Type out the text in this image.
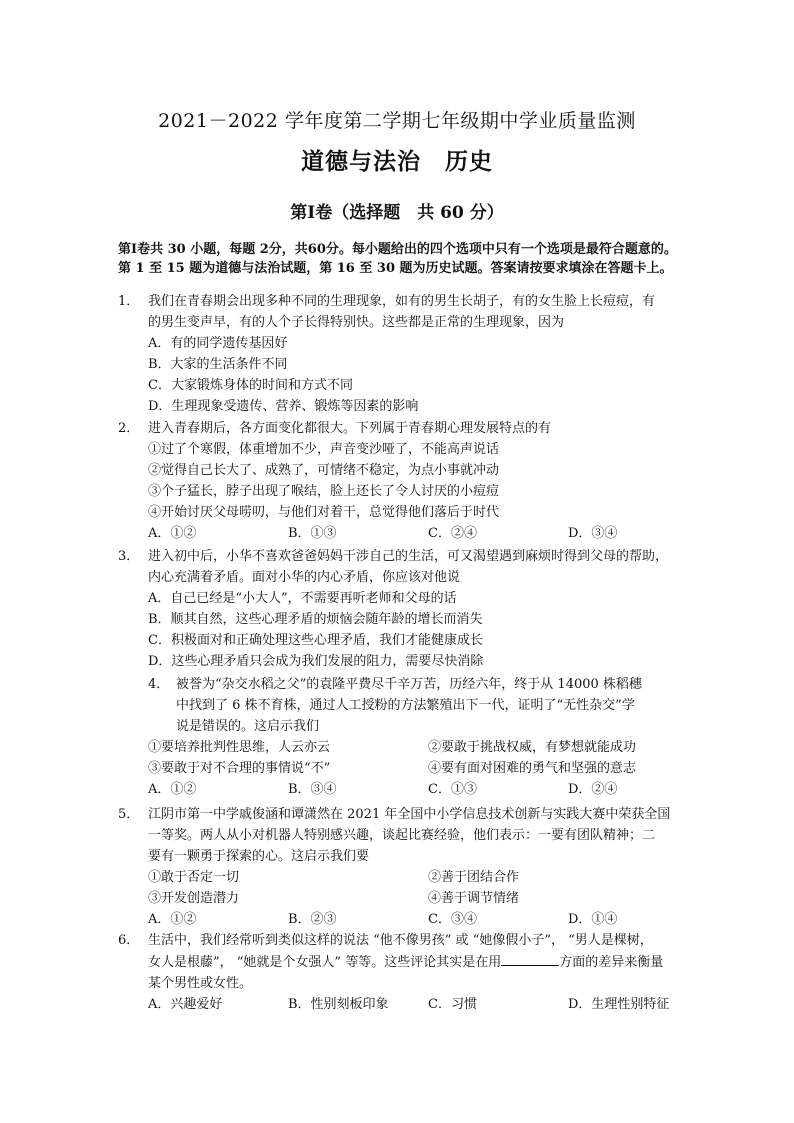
2021－2022 学年度第二学期七年级期中学业质量监测
道德与法治　历史
第Ⅰ卷（选择题　共 60 分）
第Ⅰ卷共 30 小题，每题 2分，共60分。每小题给出的四个选项中只有一个选项是最符合题意的。
第 1 至 15 题为道德与法治试题，第 16 至 30 题为历史试题。答案请按要求填涂在答题卡上。
1． 我们在青春期会出现多种不同的生理现象，如有的男生长胡子，有的女生脸上长痘痘，有
的男生变声早，有的人个子长得特别快。这些都是正常的生理现象，因为
A．有的同学遗传基因好
B．大家的生活条件不同
C．大家锻炼身体的时间和方式不同
D．生理现象受遗传、营养、锻炼等因素的影响
2． 进入青春期后，各方面变化都很大。下列属于青春期心理发展特点的有
①过了个寒假，体重增加不少，声音变沙哑了，不能高声说话
②觉得自己长大了、成熟了，可情绪不稳定，为点小事就冲动
③个子猛长，脖子出现了喉结，脸上还长了令人讨厌的小痘痘
④开始讨厌父母唠叨，与他们对着干，总觉得他们落后于时代
A．①②	B．①③	C．②④	D．③④
3． 进入初中后，小华不喜欢爸爸妈妈干涉自己的生活，可又渴望遇到麻烦时得到父母的帮助，
内心充满着矛盾。面对小华的内心矛盾，你应该对他说
A．自己已经是“小大人”，不需要再听老师和父母的话
B．顺其自然，这些心理矛盾的烦恼会随年龄的增长而消失
C．积极面对和正确处理这些心理矛盾，我们才能健康成长
D．这些心理矛盾只会成为我们发展的阻力，需要尽快消除
4． 被誉为“杂交水稻之父”的袁隆平费尽千辛万苦，历经六年，终于从 14000 株稻穗
中找到了 6 株不育株，通过人工授粉的方法繁殖出下一代，证明了“无性杂交”学
说是错误的。这启示我们
①要培养批判性思维，人云亦云	②要敢于挑战权威，有梦想就能成功
③要敢于对不合理的事情说“不”	④要有面对困难的勇气和坚强的意志
A．①②	B．③④	C．①③	D．②④
5． 江阴市第一中学戚俊涵和谭潇然在 2021 年全国中小学信息技术创新与实践大赛中荣获全国
一等奖。两人从小对机器人特别感兴趣，谈起比赛经验，他们表示：一要有团队精神；二
要有一颗勇于探索的心。这启示我们要
①敢于否定一切	②善于团结合作
③开发创造潜力	④善于调节情绪
A．①②	B．②③	C．③④	D．①④
6． 生活中，我们经常听到类似这样的说法 “他不像男孩” 或 “她像假小子”， “男人是棵树，
女人是根藤”， “她就是个女强人” 等等。这些评论其实是在用	方面的差异来衡量
某个男性或女性。
A．兴趣爱好	B．性别刻板印象	C．习惯	D．生理性别特征
